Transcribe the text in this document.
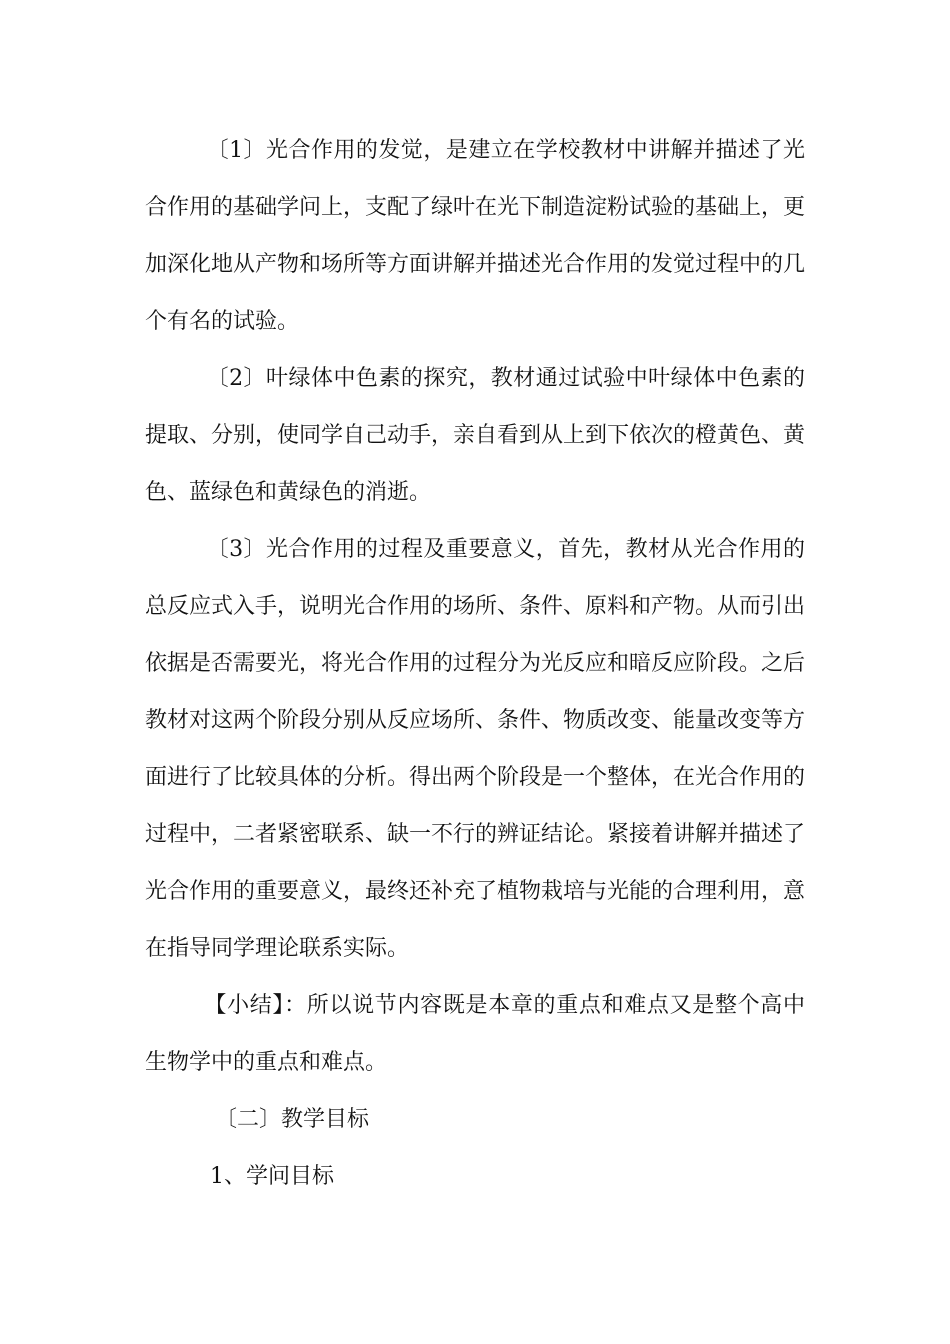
〔1〕光合作用的发觉，是建立在学校教材中讲解并描述了光合作用的基础学问上，支配了绿叶在光下制造淀粉试验的基础上，更加深化地从产物和场所等方面讲解并描述光合作用的发觉过程中的几个有名的试验。

〔2〕叶绿体中色素的探究，教材通过试验中叶绿体中色素的提取、分别，使同学自己动手，亲自看到从上到下依次的橙黄色、黄色、蓝绿色和黄绿色的消逝。

〔3〕光合作用的过程及重要意义，首先，教材从光合作用的总反应式入手，说明光合作用的场所、条件、原料和产物。从而引出依据是否需要光，将光合作用的过程分为光反应和暗反应阶段。之后教材对这两个阶段分别从反应场所、条件、物质改变、能量改变等方面进行了比较具体的分析。得出两个阶段是一个整体，在光合作用的过程中，二者紧密联系、缺一不行的辨证结论。紧接着讲解并描述了光合作用的重要意义，最终还补充了植物栽培与光能的合理利用，意在指导同学理论联系实际。

【小结】：所以说节内容既是本章的重点和难点又是整个高中生物学中的重点和难点。

〔二〕教学目标

1、学问目标
